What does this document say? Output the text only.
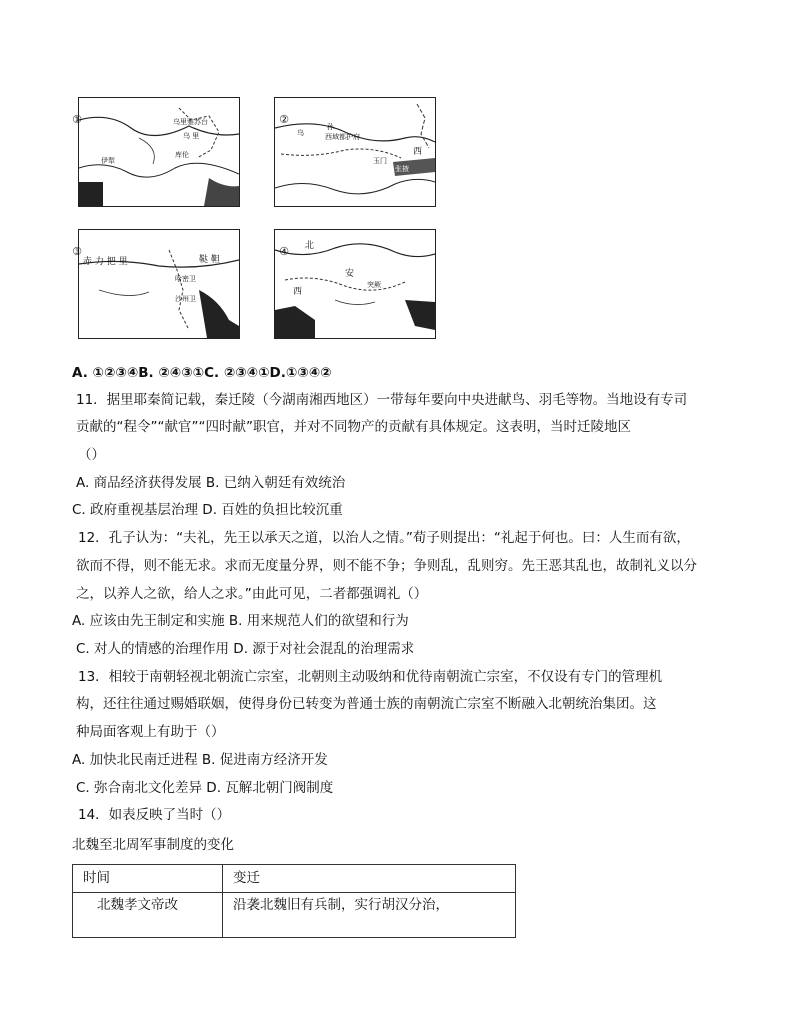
乌里雅苏台
乌 里
伊犁
库伦
乌
孙
西域都护府
西
玉门
张掖
赤 力 把 里	鞑 靼
沙州卫
哈密卫
北
安
西
突厥
①	②
③	④
A. ①②③④B. ②④③①C. ②③④①D.①③④②
11．据里耶秦简记载，秦迁陵（今湖南湘西地区）一带每年要向中央进献鸟、羽毛等物。当地设有专司
贡献的“程令”“献官”“四时献”职官，并对不同物产的贡献有具体规定。这表明，当时迁陵地区
（）
A. 商品经济获得发展 B. 已纳入朝廷有效统治
C. 政府重视基层治理 D. 百姓的负担比较沉重
12．孔子认为：“夫礼，先王以承天之道，以治人之情。”荀子则提出：“礼起于何也。曰：人生而有欲，
欲而不得，则不能无求。求而无度量分界，则不能不争；争则乱，乱则穷。先王恶其乱也，故制礼义以分
之，以养人之欲，给人之求。”由此可见，二者都强调礼（）
A. 应该由先王制定和实施 B. 用来规范人们的欲望和行为
C. 对人的情感的治理作用 D. 源于对社会混乱的治理需求
13．相较于南朝轻视北朝流亡宗室，北朝则主动吸纳和优待南朝流亡宗室，不仅设有专门的管理机
构，还往往通过赐婚联姻，使得身份已转变为普通士族的南朝流亡宗室不断融入北朝统治集团。这
种局面客观上有助于（）
A. 加快北民南迁进程 B. 促进南方经济开发
C. 弥合南北文化差异 D. 瓦解北朝门阀制度
14．如表反映了当时（）
北魏至北周军事制度的变化
时间	变迁
北魏孝文帝改	沿袭北魏旧有兵制，实行胡汉分治，
